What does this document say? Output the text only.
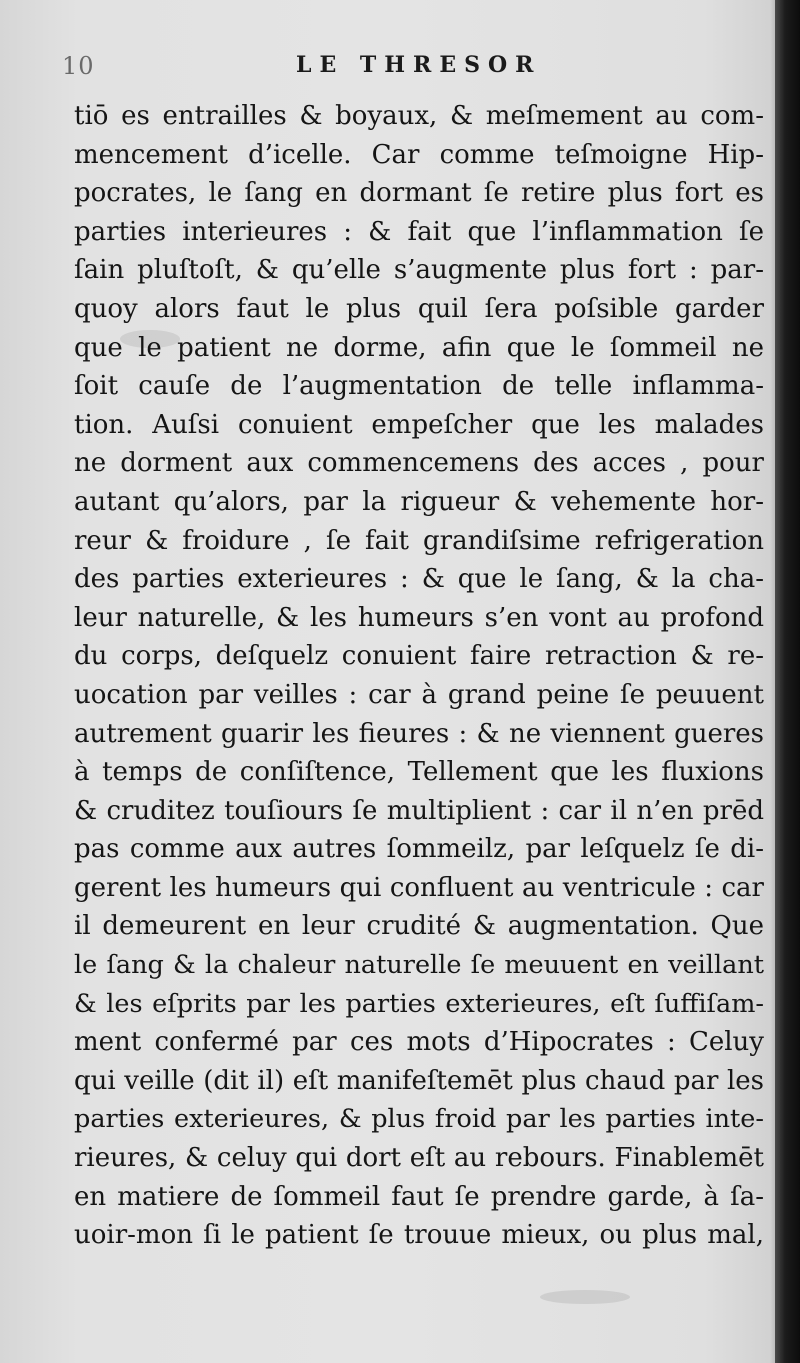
10	LE THRESOR
tiō es entrailles & boyaux, & meſmement au com-
mencement d’icelle. Car comme teſmoigne Hip-
pocrates, le ſang en dormant ſe retire plus fort es
parties interieures : & fait que l’inflammation ſe
ſain pluſtoſt, & qu’elle s’augmente plus fort : par-
quoy alors faut le plus quil ſera poſsible garder
que le patient ne dorme, afin que le ſommeil ne
ſoit cauſe de l’augmentation de telle inflamma-
tion. Auſsi conuient empeſcher que les malades
ne dorment aux commencemens des acces , pour
autant qu’alors, par la rigueur & vehemente hor-
reur & froidure , ſe fait grandiſsime refrigeration
des parties exterieures : & que le ſang, & la cha-
leur naturelle, & les humeurs s’en vont au profond
du corps, deſquelz conuient faire retraction & re-
uocation par veilles : car à grand peine ſe peuuent
autrement guarir les fieures : & ne viennent gueres
à temps de conſiſtence, Tellement que les fluxions
& cruditez touſiours ſe multiplient : car il n’en prēd
pas comme aux autres ſommeilz, par leſquelz ſe di-
gerent les humeurs qui confluent au ventricule : car
il demeurent en leur crudité & augmentation. Que
le ſang & la chaleur naturelle ſe meuuent en veillant
& les eſprits par les parties exterieures, eſt ſuffiſam-
ment confermé par ces mots d’Hipocrates : Celuy
qui veille (dit il) eſt manifeſtemēt plus chaud par les
parties exterieures, & plus froid par les parties inte-
rieures, & celuy qui dort eſt au rebours. Finablemēt
en matiere de ſommeil faut ſe prendre garde, à ſa-
uoir-mon ſi le patient ſe trouue mieux, ou plus mal,
